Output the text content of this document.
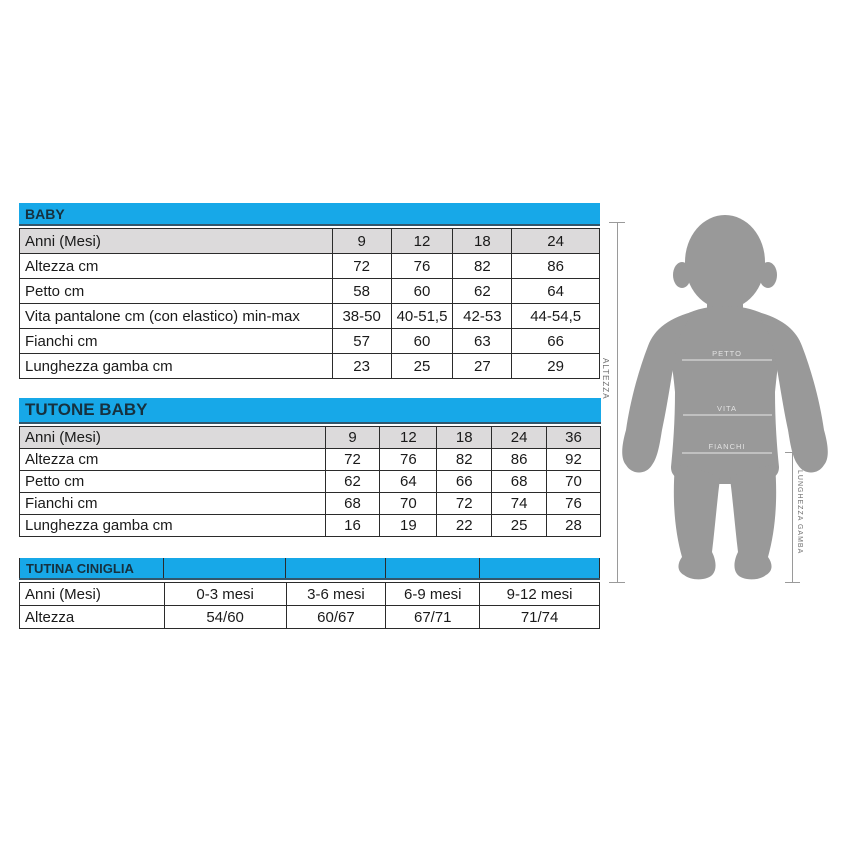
BABY
Anni (Mesi)	9	12	18	24
Altezza cm	72	76	82	86
Petto cm	58	60	62	64
Vita pantalone cm (con elastico) min-max	38-50	40-51,5	42-53	44-54,5
Fianchi cm	57	60	63	66
Lunghezza gamba cm	23	25	27	29
TUTONE BABY
Anni (Mesi)	9	12	18	24	36
Altezza cm	72	76	82	86	92
Petto cm	62	64	66	68	70
Fianchi cm	68	70	72	74	76
Lunghezza gamba cm	16	19	22	25	28
TUTINA CINIGLIA
Anni (Mesi)	0-3 mesi	3-6 mesi	6-9 mesi	9-12 mesi
Altezza	54/60	60/67	67/71	71/74
PETTO
VITA
FIANCHI
ALTEZZA
LUNGHEZZA GAMBA
